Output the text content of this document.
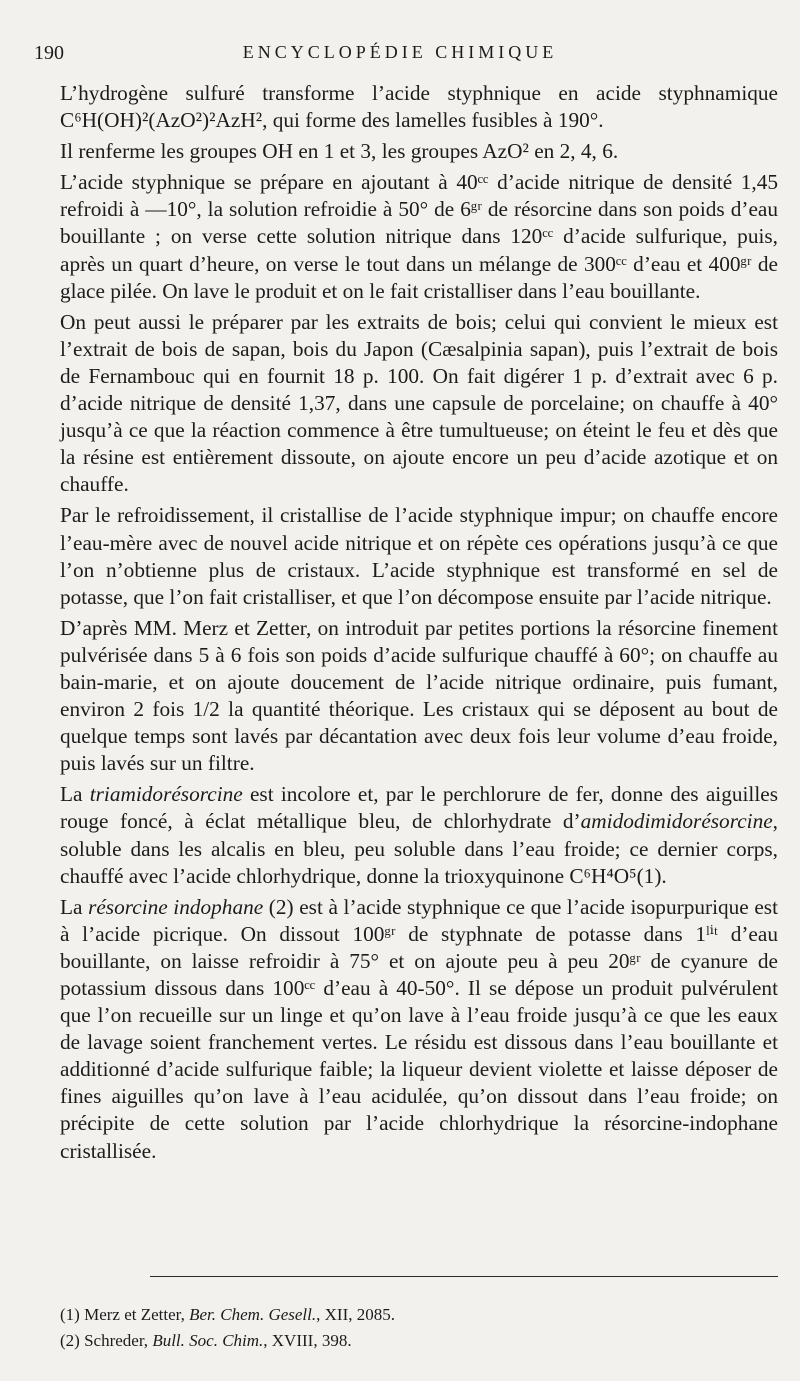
190	ENCYCLOPÉDIE CHIMIQUE

L’hydrogène sulfuré transforme l’acide styphnique en acide styphnamique C⁶H(OH)²(AzO²)²AzH², qui forme des lamelles fusibles à 190°.

Il renferme les groupes OH en 1 et 3, les groupes AzO² en 2, 4, 6.

L’acide styphnique se prépare en ajoutant à 40ᶜᶜ d’acide nitrique de densité 1,45 refroidi à —10°, la solution refroidie à 50° de 6ᵍʳ de résorcine dans son poids d’eau bouillante ; on verse cette solution nitrique dans 120ᶜᶜ d’acide sulfurique, puis, après un quart d’heure, on verse le tout dans un mélange de 300ᶜᶜ d’eau et 400ᵍʳ de glace pilée. On lave le produit et on le fait cristalliser dans l’eau bouillante.

On peut aussi le préparer par les extraits de bois; celui qui convient le mieux est l’extrait de bois de sapan, bois du Japon (Cæsalpinia sapan), puis l’extrait de bois de Fernambouc qui en fournit 18 p. 100. On fait digérer 1 p. d’extrait avec 6 p. d’acide nitrique de densité 1,37, dans une capsule de porcelaine; on chauffe à 40° jusqu’à ce que la réaction commence à être tumultueuse; on éteint le feu et dès que la résine est entièrement dissoute, on ajoute encore un peu d’acide azotique et on chauffe.

Par le refroidissement, il cristallise de l’acide styphnique impur; on chauffe encore l’eau-mère avec de nouvel acide nitrique et on répète ces opérations jusqu’à ce que l’on n’obtienne plus de cristaux. L’acide styphnique est transformé en sel de potasse, que l’on fait cristalliser, et que l’on décompose ensuite par l’acide nitrique.

D’après MM. Merz et Zetter, on introduit par petites portions la résorcine finement pulvérisée dans 5 à 6 fois son poids d’acide sulfurique chauffé à 60°; on chauffe au bain-marie, et on ajoute doucement de l’acide nitrique ordinaire, puis fumant, environ 2 fois 1/2 la quantité théorique. Les cristaux qui se déposent au bout de quelque temps sont lavés par décantation avec deux fois leur volume d’eau froide, puis lavés sur un filtre.

La triamidorésorcine est incolore et, par le perchlorure de fer, donne des aiguilles rouge foncé, à éclat métallique bleu, de chlorhydrate d’amidodimidorésorcine, soluble dans les alcalis en bleu, peu soluble dans l’eau froide; ce dernier corps, chauffé avec l’acide chlorhydrique, donne la trioxyquinone C⁶H⁴O⁵(1).

La résorcine indophane (2) est à l’acide styphnique ce que l’acide isopurpurique est à l’acide picrique. On dissout 100ᵍʳ de styphnate de potasse dans 1ˡⁱᵗ d’eau bouillante, on laisse refroidir à 75° et on ajoute peu à peu 20ᵍʳ de cyanure de potassium dissous dans 100ᶜᶜ d’eau à 40-50°. Il se dépose un produit pulvérulent que l’on recueille sur un linge et qu’on lave à l’eau froide jusqu’à ce que les eaux de lavage soient franchement vertes. Le résidu est dissous dans l’eau bouillante et additionné d’acide sulfurique faible; la liqueur devient violette et laisse déposer de fines aiguilles qu’on lave à l’eau acidulée, qu’on dissout dans l’eau froide; on précipite de cette solution par l’acide chlorhydrique la résorcine-indophane cristallisée.

(1) Merz et Zetter, Ber. Chem. Gesell., XII, 2085.
(2) Schreder, Bull. Soc. Chim., XVIII, 398.
